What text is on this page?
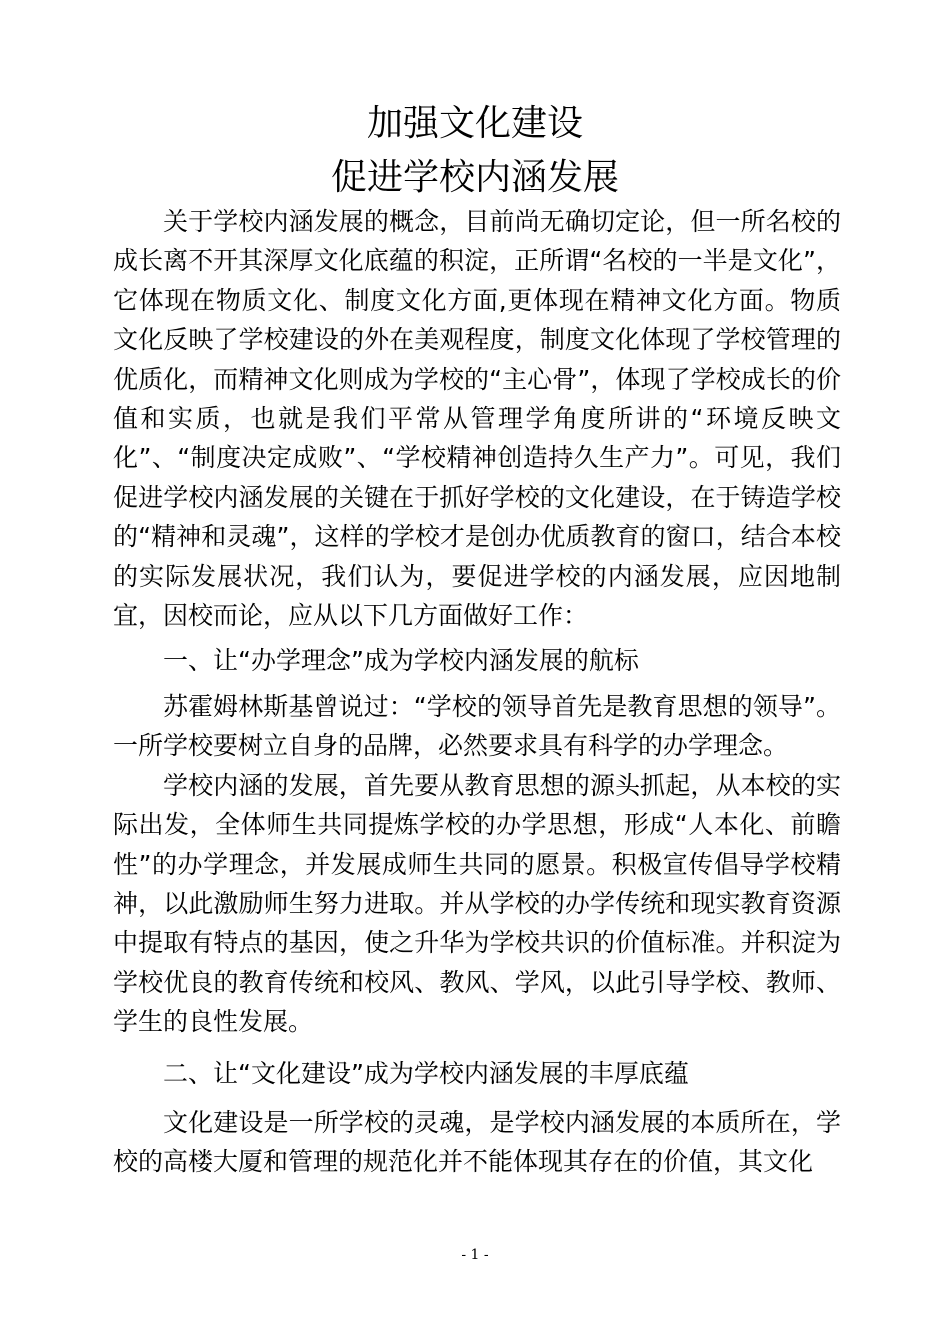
加强文化建设
促进学校内涵发展

关于学校内涵发展的概念，目前尚无确切定论，但一所名校的成长离不开其深厚文化底蕴的积淀，正所谓“名校的一半是文化”，它体现在物质文化、制度文化方面,更体现在精神文化方面。物质文化反映了学校建设的外在美观程度，制度文化体现了学校管理的优质化，而精神文化则成为学校的“主心骨”，体现了学校成长的价值和实质，也就是我们平常从管理学角度所讲的“环境反映文化”、“制度决定成败”、“学校精神创造持久生产力”。可见，我们促进学校内涵发展的关键在于抓好学校的文化建设，在于铸造学校的“精神和灵魂”，这样的学校才是创办优质教育的窗口，结合本校的实际发展状况，我们认为，要促进学校的内涵发展，应因地制宜，因校而论，应从以下几方面做好工作：

一、让“办学理念”成为学校内涵发展的航标

苏霍姆林斯基曾说过：“学校的领导首先是教育思想的领导”。一所学校要树立自身的品牌，必然要求具有科学的办学理念。

学校内涵的发展，首先要从教育思想的源头抓起，从本校的实际出发，全体师生共同提炼学校的办学思想，形成“人本化、前瞻性”的办学理念，并发展成师生共同的愿景。积极宣传倡导学校精神，以此激励师生努力进取。并从学校的办学传统和现实教育资源中提取有特点的基因，使之升华为学校共识的价值标准。并积淀为学校优良的教育传统和校风、教风、学风，以此引导学校、教师、学生的良性发展。

二、让“文化建设”成为学校内涵发展的丰厚底蕴

文化建设是一所学校的灵魂，是学校内涵发展的本质所在，学校的高楼大厦和管理的规范化并不能体现其存在的价值，其文化

- 1 -
